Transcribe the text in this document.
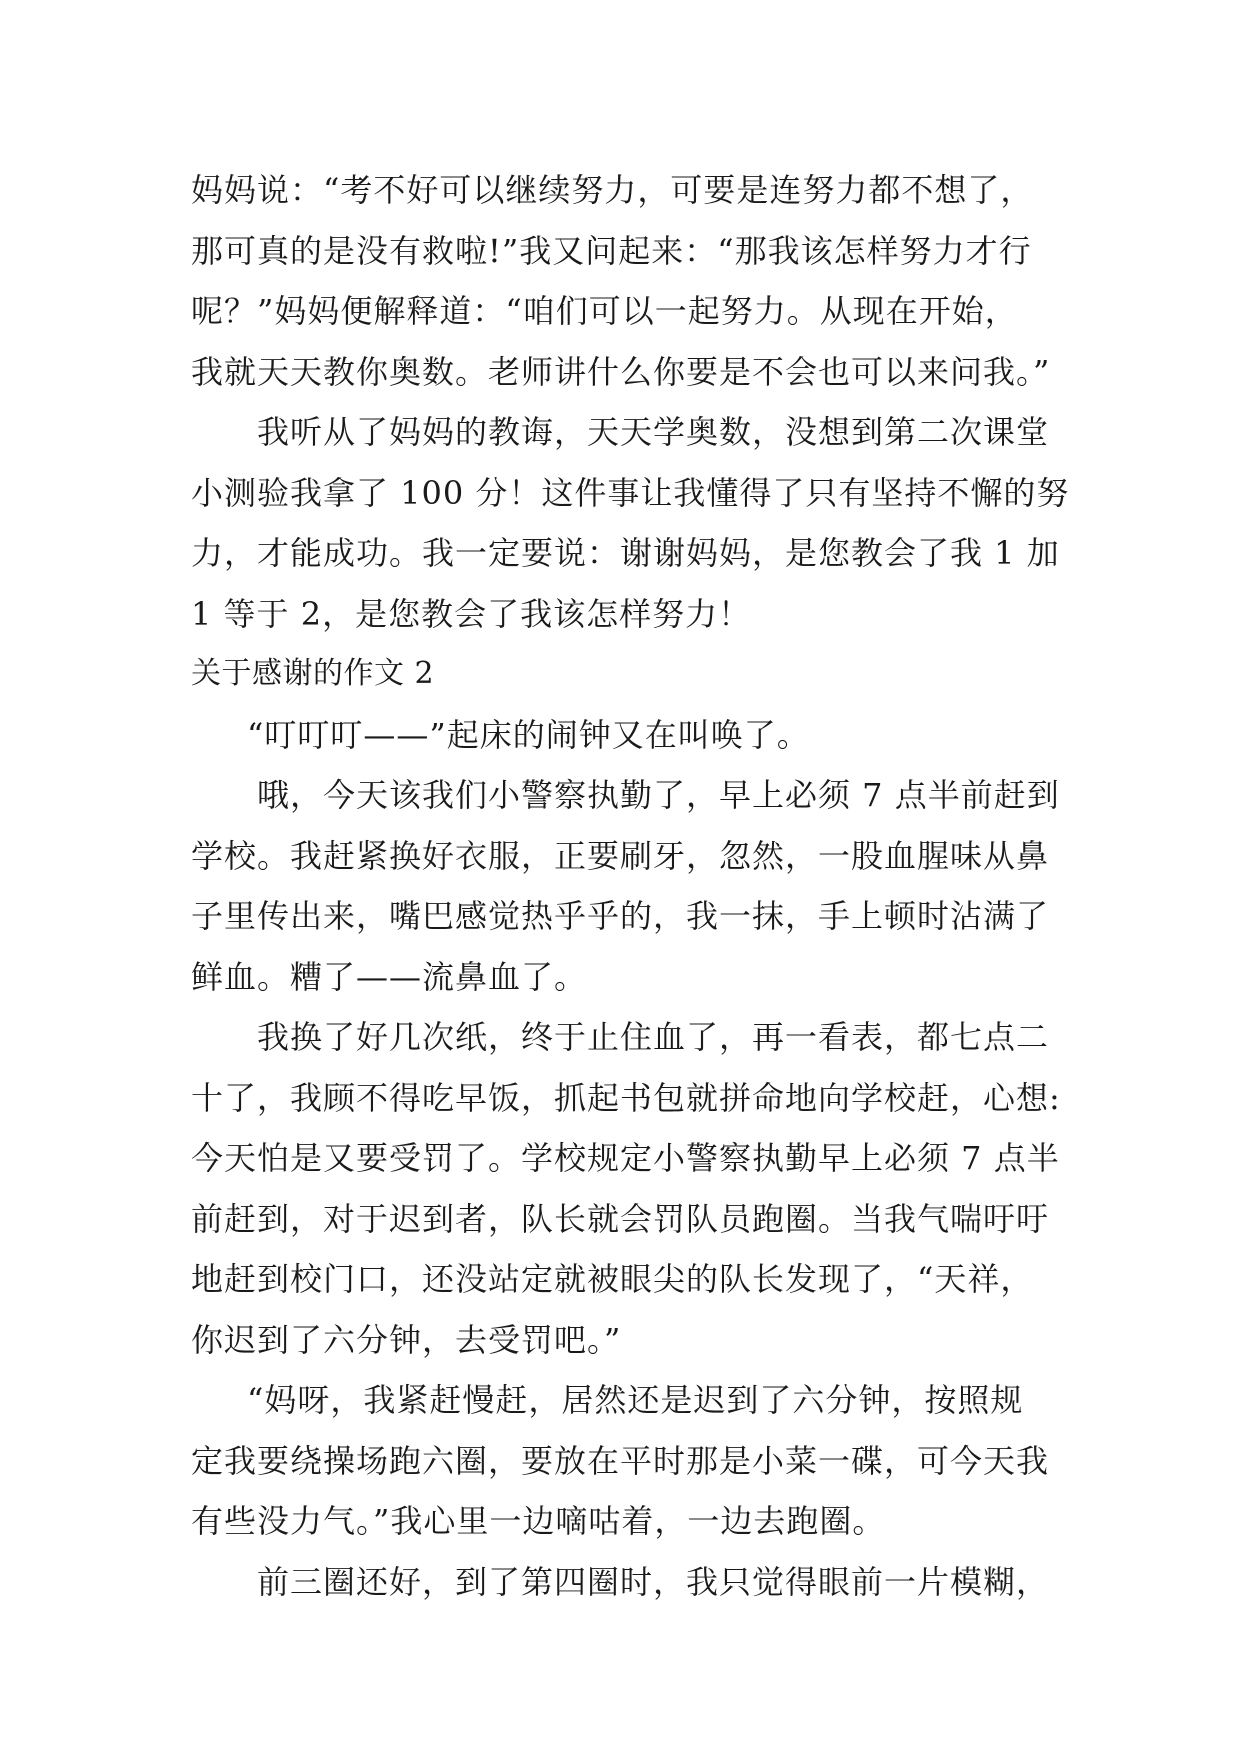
妈妈说：“考不好可以继续努力，可要是连努力都不想了，
那可真的是没有救啦!”我又问起来：“那我该怎样努力才行
呢？”妈妈便解释道：“咱们可以一起努力。从现在开始，
我就天天教你奥数。老师讲什么你要是不会也可以来问我。”
我听从了妈妈的教诲，天天学奥数，没想到第二次课堂
小测验我拿了 100 分！这件事让我懂得了只有坚持不懈的努
力，才能成功。我一定要说：谢谢妈妈，是您教会了我 1 加
1 等于 2，是您教会了我该怎样努力！
关于感谢的作文 2
“叮叮叮——”起床的闹钟又在叫唤了。
哦，今天该我们小警察执勤了，早上必须 7 点半前赶到
学校。我赶紧换好衣服，正要刷牙，忽然，一股血腥味从鼻
子里传出来，嘴巴感觉热乎乎的，我一抹，手上顿时沾满了
鲜血。糟了——流鼻血了。
我换了好几次纸，终于止住血了，再一看表，都七点二
十了，我顾不得吃早饭，抓起书包就拼命地向学校赶，心想:
今天怕是又要受罚了。学校规定小警察执勤早上必须 7 点半
前赶到，对于迟到者，队长就会罚队员跑圈。当我气喘吁吁
地赶到校门口，还没站定就被眼尖的队长发现了，“天祥，
你迟到了六分钟，去受罚吧。”
“妈呀，我紧赶慢赶，居然还是迟到了六分钟，按照规
定我要绕操场跑六圈，要放在平时那是小菜一碟，可今天我
有些没力气。”我心里一边嘀咕着，一边去跑圈。
前三圈还好，到了第四圈时，我只觉得眼前一片模糊，
